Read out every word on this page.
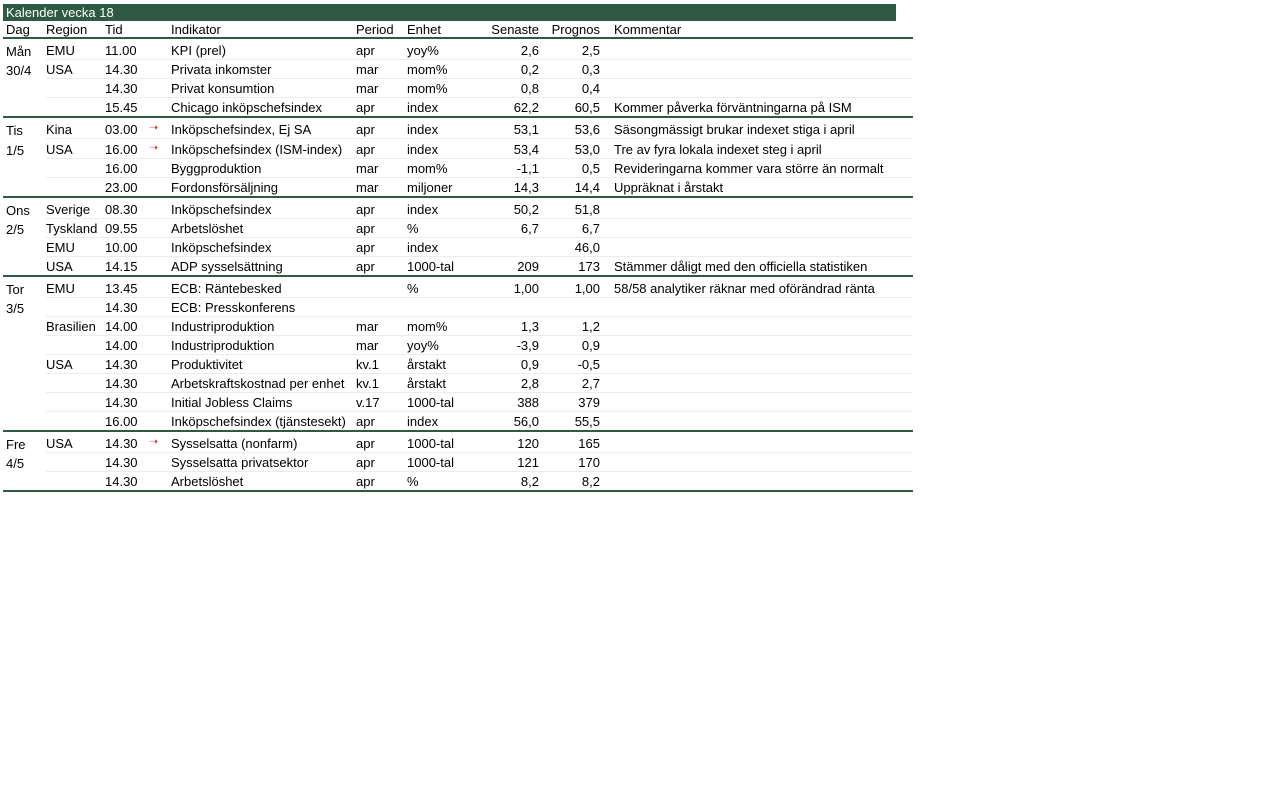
Kalender vecka 18
Dag	Region	Tid		Indikator	Period	Enhet	Senaste	Prognos	Kommentar
Mån	EMU	11.00		KPI (prel)	apr	yoy%	2,6	2,5	
30/4	USA	14.30		Privata inkomster	mar	mom%	0,2	0,3	
		14.30		Privat konsumtion	mar	mom%	0,8	0,4	
		15.45		Chicago inköpschefsindex	apr	index	62,2	60,5	Kommer påverka förväntningarna på ISM
Tis	Kina	03.00	➝	Inköpschefsindex, Ej SA	apr	index	53,1	53,6	Säsongmässigt brukar indexet stiga i april
1/5	USA	16.00	➝	Inköpschefsindex (ISM-index)	apr	index	53,4	53,0	Tre av fyra lokala indexet steg i april
		16.00		Byggproduktion	mar	mom%	-1,1	0,5	Revideringarna kommer vara större än normalt
		23.00		Fordonsförsäljning	mar	miljoner	14,3	14,4	Uppräknat i årstakt
Ons	Sverige	08.30		Inköpschefsindex	apr	index	50,2	51,8	
2/5	Tyskland	09.55		Arbetslöshet	apr	%	6,7	6,7	
	EMU	10.00		Inköpschefsindex	apr	index		46,0	
	USA	14.15		ADP sysselsättning	apr	1000-tal	209	173	Stämmer dåligt med den officiella statistiken
Tor	EMU	13.45		ECB: Räntebesked		%	1,00	1,00	58/58 analytiker räknar med oförändrad ränta
3/5		14.30		ECB: Presskonferens					
	Brasilien	14.00		Industriproduktion	mar	mom%	1,3	1,2	
		14.00		Industriproduktion	mar	yoy%	-3,9	0,9	
	USA	14.30		Produktivitet	kv.1	årstakt	0,9	-0,5	
		14.30		Arbetskraftskostnad per enhet	kv.1	årstakt	2,8	2,7	
		14.30		Initial Jobless Claims	v.17	1000-tal	388	379	
		16.00		Inköpschefsindex (tjänstesekt)	apr	index	56,0	55,5	
Fre	USA	14.30	➝	Sysselsatta (nonfarm)	apr	1000-tal	120	165	
4/5		14.30		Sysselsatta privatsektor	apr	1000-tal	121	170	
		14.30		Arbetslöshet	apr	%	8,2	8,2	
